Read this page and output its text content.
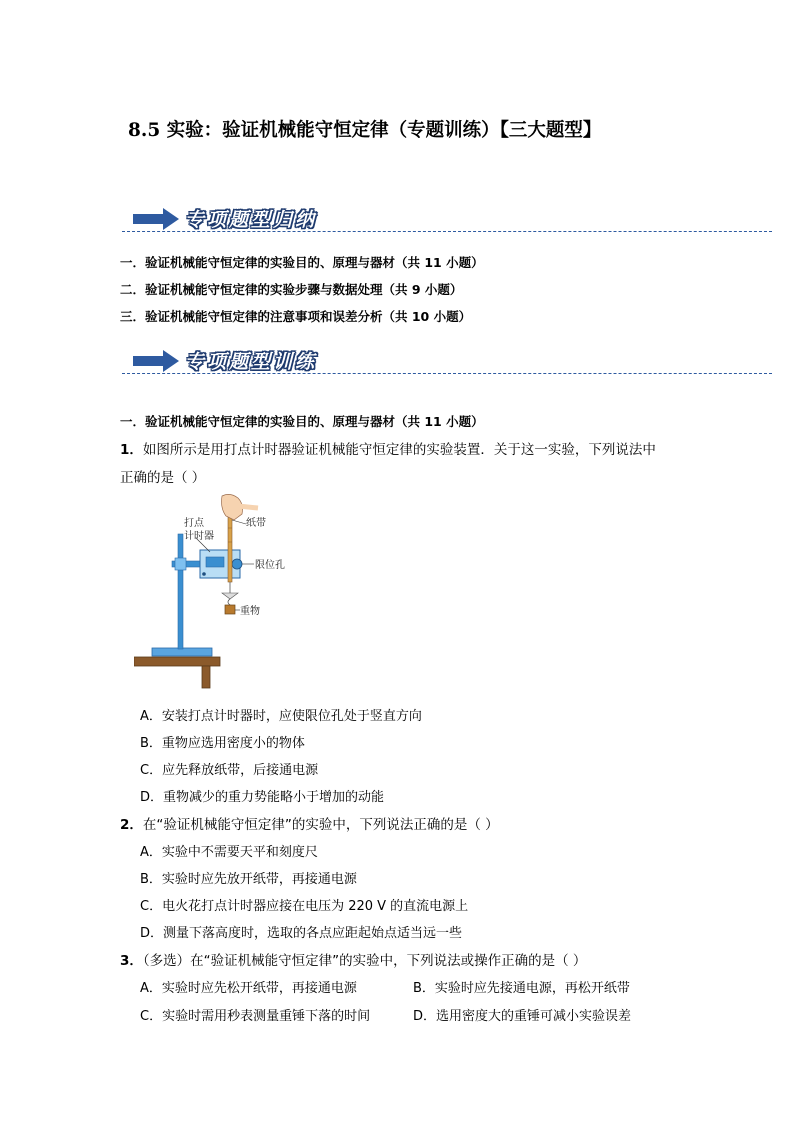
8.5 实验：验证机械能守恒定律（专题训练）【三大题型】
专项题型归纳
一．验证机械能守恒定律的实验目的、原理与器材（共 11 小题）
二．验证机械能守恒定律的实验步骤与数据处理（共 9 小题）
三．验证机械能守恒定律的注意事项和误差分析（共 10 小题）
专项题型训练
一．验证机械能守恒定律的实验目的、原理与器材（共 11 小题）
1．如图所示是用打点计时器验证机械能守恒定律的实验装置．关于这一实验，下列说法中
正确的是（ ）
打点
计时器
纸带
限位孔
重物
A．安装打点计时器时，应使限位孔处于竖直方向
B．重物应选用密度小的物体
C．应先释放纸带，后接通电源
D．重物减少的重力势能略小于增加的动能
2．在“验证机械能守恒定律”的实验中，下列说法正确的是（ ）
A．实验中不需要天平和刻度尺
B．实验时应先放开纸带，再接通电源
C．电火花打点计时器应接在电压为 220 V 的直流电源上
D．测量下落高度时，选取的各点应距起始点适当远一些
3．（多选）在“验证机械能守恒定律”的实验中，下列说法或操作正确的是（ ）
A．实验时应先松开纸带，再接通电源	B．实验时应先接通电源，再松开纸带
C．实验时需用秒表测量重锤下落的时间	D．选用密度大的重锤可减小实验误差
